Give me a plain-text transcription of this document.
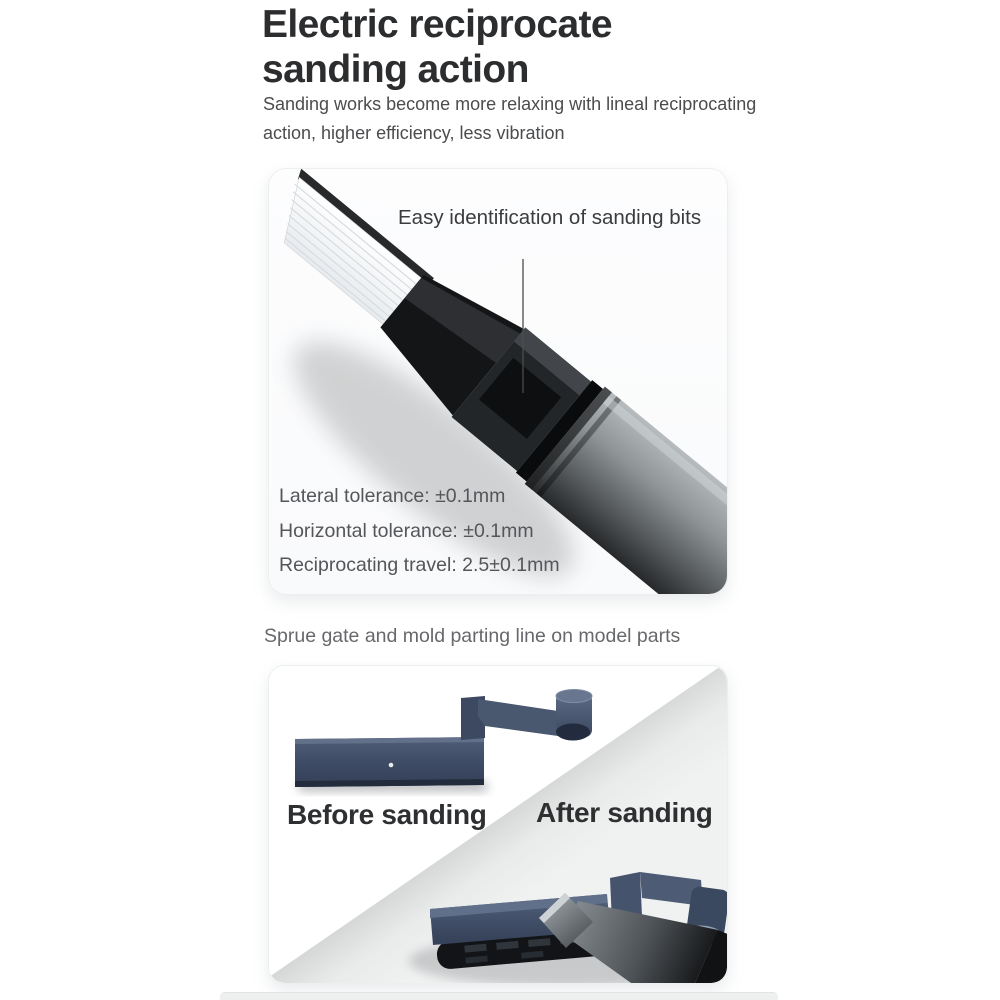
Electric reciprocate
sanding action

Sanding works become more relaxing with lineal reciprocating
action, higher efficiency, less vibration

Easy identification of sanding bits
Lateral tolerance: ±0.1mm
Horizontal tolerance: ±0.1mm
Reciprocating travel: 2.5±0.1mm

Sprue gate and mold parting line on model parts

Before sanding After sanding
